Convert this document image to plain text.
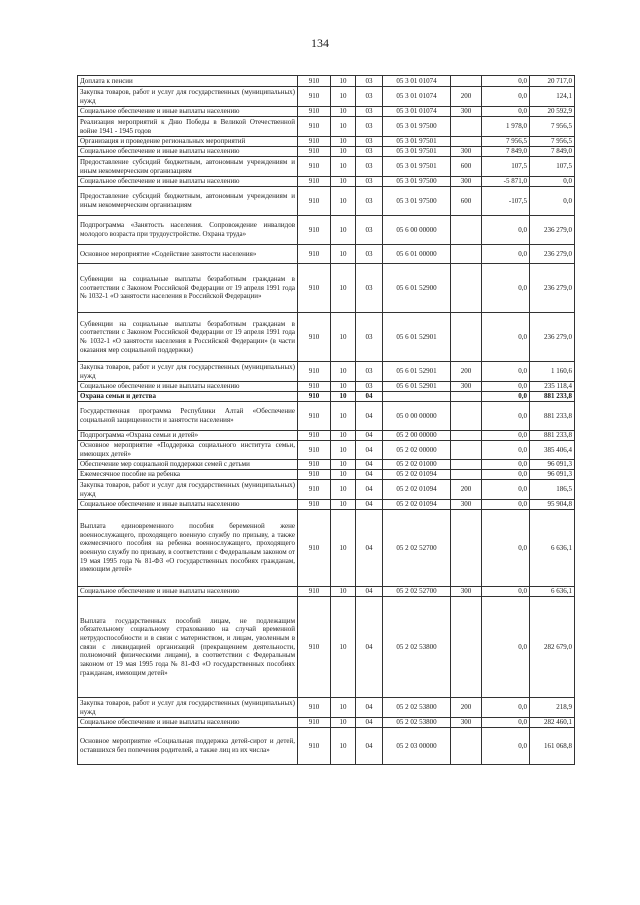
134
Доплата к пенсии	910	10	03	05 3 01 01074		0,0	20 717,0
Закупка товаров, работ и услуг для государственных (муниципальных) нужд	910	10	03	05 3 01 01074	200	0,0	124,1
Социальное обеспечение и иные выплаты населению	910	10	03	05 3 01 01074	300	0,0	20 592,9
Реализация мероприятий к Дню Победы в Великой Отечественной войне 1941 - 1945 годов	910	10	03	05 3 01 97500		1 978,0	7 956,5
Организация и проведение региональных мероприятий	910	10	03	05 3 01 97501		7 956,5	7 956,5
Социальное обеспечение и иные выплаты населению	910	10	03	05 3 01 97501	300	7 849,0	7 849,0
Предоставление субсидий бюджетным, автономным учреждениям и иным некоммерческим организациям	910	10	03	05 3 01 97501	600	107,5	107,5
Социальное обеспечение и иные выплаты населению	910	10	03	05 3 01 97500	300	-5 871,0	0,0
Предоставление субсидий бюджетным, автономным учреждениям и иным некоммерческим организациям	910	10	03	05 3 01 97500	600	-107,5	0,0
Подпрограмма «Занятость населения. Сопровождение инвалидов молодого возраста при трудоустройстве. Охрана труда»	910	10	03	05 6 00 00000		0,0	236 279,0
Основное мероприятие «Содействие занятости населения»	910	10	03	05 6 01 00000		0,0	236 279,0
Субвенции на социальные выплаты безработным гражданам в соответствии с Законом Российской Федерации от 19 апреля 1991 года № 1032-1 «О занятости населения в Российской Федерации»	910	10	03	05 6 01 52900		0,0	236 279,0
Субвенции на социальные выплаты безработным гражданам в соответствии с Законом Российской Федерации от 19 апреля 1991 года № 1032-1 «О занятости населения в Российской Федерации» (в части оказания мер социальной поддержки)	910	10	03	05 6 01 52901		0,0	236 279,0
Закупка товаров, работ и услуг для государственных (муниципальных) нужд	910	10	03	05 6 01 52901	200	0,0	1 160,6
Социальное обеспечение и иные выплаты населению	910	10	03	05 6 01 52901	300	0,0	235 118,4
Охрана семьи и детства	910	10	04			0,0	881 233,8
Государственная программа Республики Алтай «Обеспечение социальной защищенности и занятости населения»	910	10	04	05 0 00 00000		0,0	881 233,8
Подпрограмма «Охрана семьи и детей»	910	10	04	05 2 00 00000		0,0	881 233,8
Основное мероприятие «Поддержка социального института семьи, имеющих детей»	910	10	04	05 2 02 00000		0,0	385 406,4
Обеспечение мер социальной поддержки семей с детьми	910	10	04	05 2 02 01000		0,0	96 091,3
Ежемесячное пособие на ребенка	910	10	04	05 2 02 01094		0,0	96 091,3
Закупка товаров, работ и услуг для государственных (муниципальных) нужд	910	10	04	05 2 02 01094	200	0,0	186,5
Социальное обеспечение и иные выплаты населению	910	10	04	05 2 02 01094	300	0,0	95 904,8
Выплата единовременного пособия беременной жене военнослужащего, проходящего военную службу по призыву, а также ежемесячного пособия на ребенка военнослужащего, проходящего военную службу по призыву, в соответствии с Федеральным законом от 19 мая 1995 года № 81-ФЗ «О государственных пособиях гражданам, имеющим детей»	910	10	04	05 2 02 52700		0,0	6 636,1
Социальное обеспечение и иные выплаты населению	910	10	04	05 2 02 52700	300	0,0	6 636,1
Выплата государственных пособий лицам, не подлежащим обязательному социальному страхованию на случай временной нетрудоспособности и в связи с материнством, и лицам, уволенным в связи с ликвидацией организаций (прекращением деятельности, полномочий физическими лицами), в соответствии с Федеральным законом от 19 мая 1995 года № 81-ФЗ «О государственных пособиях гражданам, имеющим детей»	910	10	04	05 2 02 53800		0,0	282 679,0
Закупка товаров, работ и услуг для государственных (муниципальных) нужд	910	10	04	05 2 02 53800	200	0,0	218,9
Социальное обеспечение и иные выплаты населению	910	10	04	05 2 02 53800	300	0,0	282 460,1
Основное мероприятие «Социальная поддержка детей-сирот и детей, оставшихся без попечения родителей, а также лиц из их числа»	910	10	04	05 2 03 00000		0,0	161 068,8
